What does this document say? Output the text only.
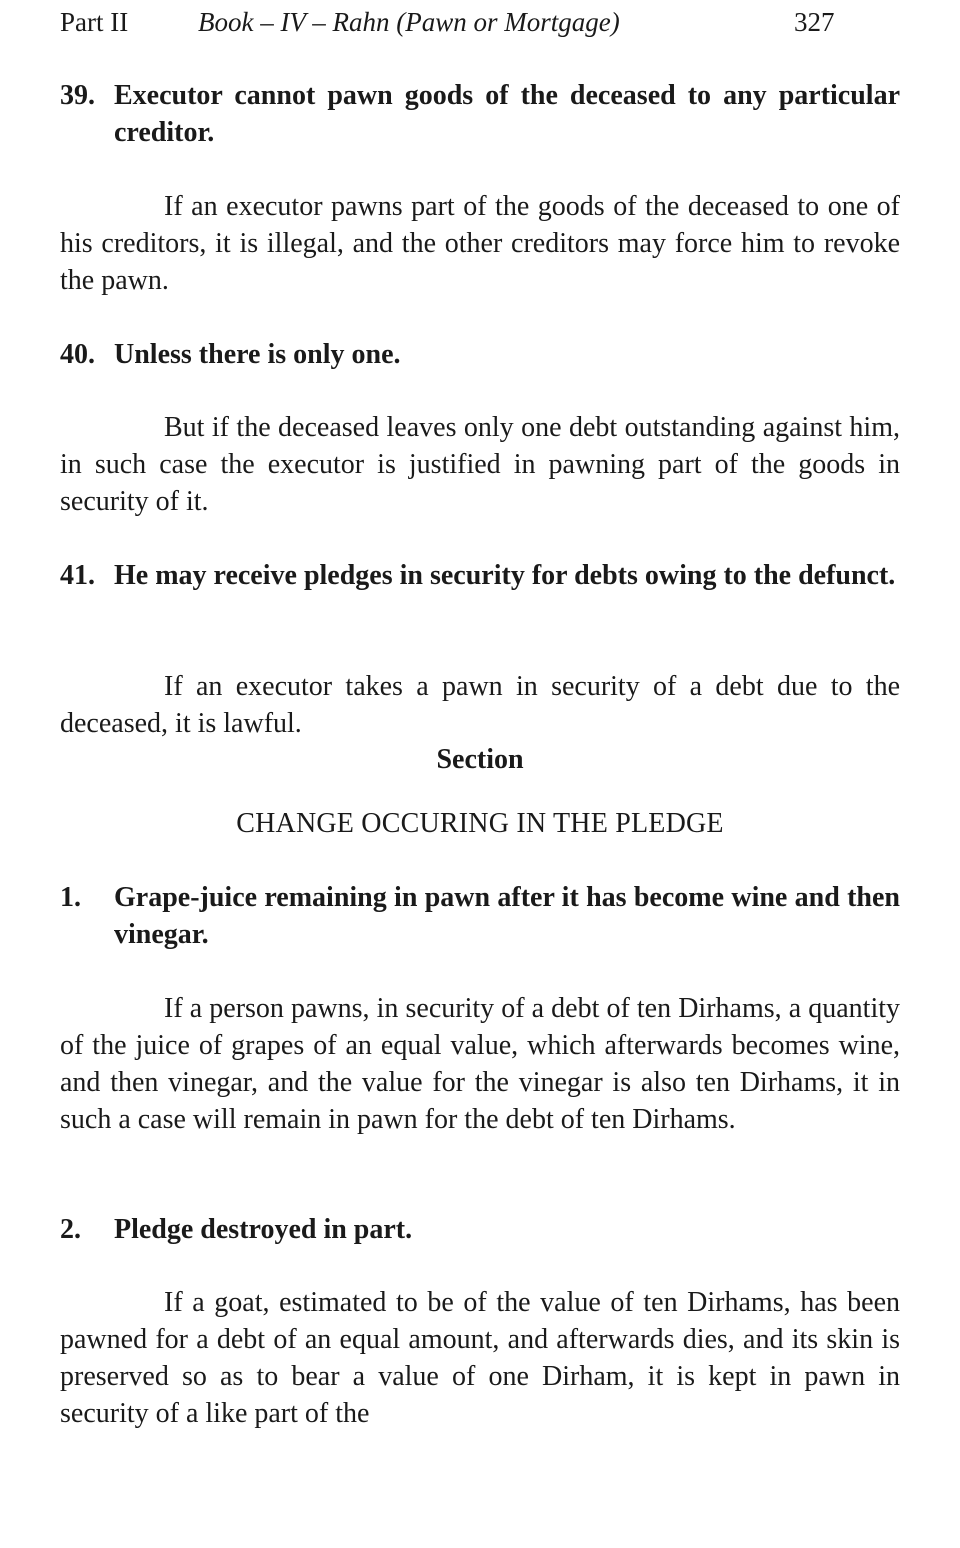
Part II	Book – IV – Rahn (Pawn or Mortgage)	327
39. Executor cannot pawn goods of the deceased to any particular creditor.

If an executor pawns part of the goods of the deceased to one of his creditors, it is illegal, and the other creditors may force him to revoke the pawn.

40. Unless there is only one.

But if the deceased leaves only one debt outstanding against him, in such case the executor is justified in pawning part of the goods in security of it.

41. He may receive pledges in security for debts owing to the defunct.

If an executor takes a pawn in security of a debt due to the deceased, it is lawful.

Section
CHANGE OCCURING IN THE PLEDGE
1.	Grape-juice remaining in pawn after it has become wine and then vinegar.

If a person pawns, in security of a debt of ten Dirhams, a quantity of the juice of grapes of an equal value, which afterwards becomes wine, and then vinegar, and the value for the vinegar is also ten Dirhams, it in such a case will remain in pawn for the debt of ten Dirhams.

2.	Pledge destroyed in part.

If a goat, estimated to be of the value of ten Dirhams, has been pawned for a debt of an equal amount, and afterwards dies, and its skin is preserved so as to bear a value of one Dirham, it is kept in pawn in security of a like part of the
